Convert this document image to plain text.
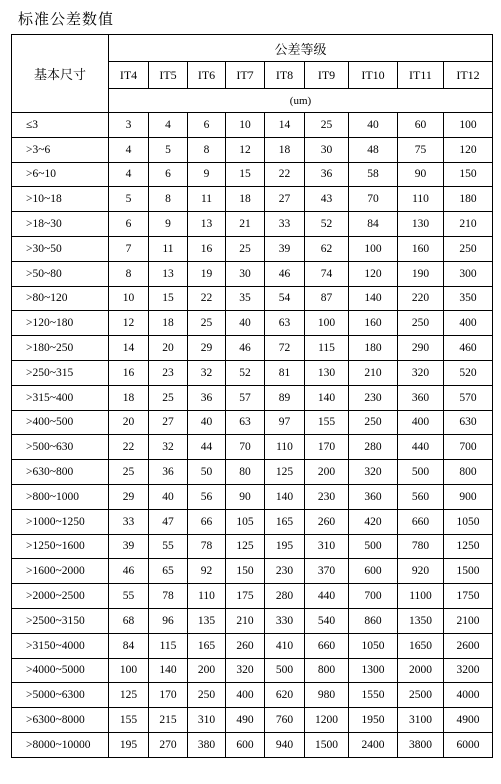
标准公差数值
基本尺寸	公差等级								
	IT4	IT5	IT6	IT7	IT8	IT9	IT10	IT11	IT12
	(um)								
≤3	3	4	6	10	14	25	40	60	100
>3~6	4	5	8	12	18	30	48	75	120
>6~10	4	6	9	15	22	36	58	90	150
>10~18	5	8	11	18	27	43	70	110	180
>18~30	6	9	13	21	33	52	84	130	210
>30~50	7	11	16	25	39	62	100	160	250
>50~80	8	13	19	30	46	74	120	190	300
>80~120	10	15	22	35	54	87	140	220	350
>120~180	12	18	25	40	63	100	160	250	400
>180~250	14	20	29	46	72	115	180	290	460
>250~315	16	23	32	52	81	130	210	320	520
>315~400	18	25	36	57	89	140	230	360	570
>400~500	20	27	40	63	97	155	250	400	630
>500~630	22	32	44	70	110	170	280	440	700
>630~800	25	36	50	80	125	200	320	500	800
>800~1000	29	40	56	90	140	230	360	560	900
>1000~1250	33	47	66	105	165	260	420	660	1050
>1250~1600	39	55	78	125	195	310	500	780	1250
>1600~2000	46	65	92	150	230	370	600	920	1500
>2000~2500	55	78	110	175	280	440	700	1100	1750
>2500~3150	68	96	135	210	330	540	860	1350	2100
>3150~4000	84	115	165	260	410	660	1050	1650	2600
>4000~5000	100	140	200	320	500	800	1300	2000	3200
>5000~6300	125	170	250	400	620	980	1550	2500	4000
>6300~8000	155	215	310	490	760	1200	1950	3100	4900
>8000~10000	195	270	380	600	940	1500	2400	3800	6000
